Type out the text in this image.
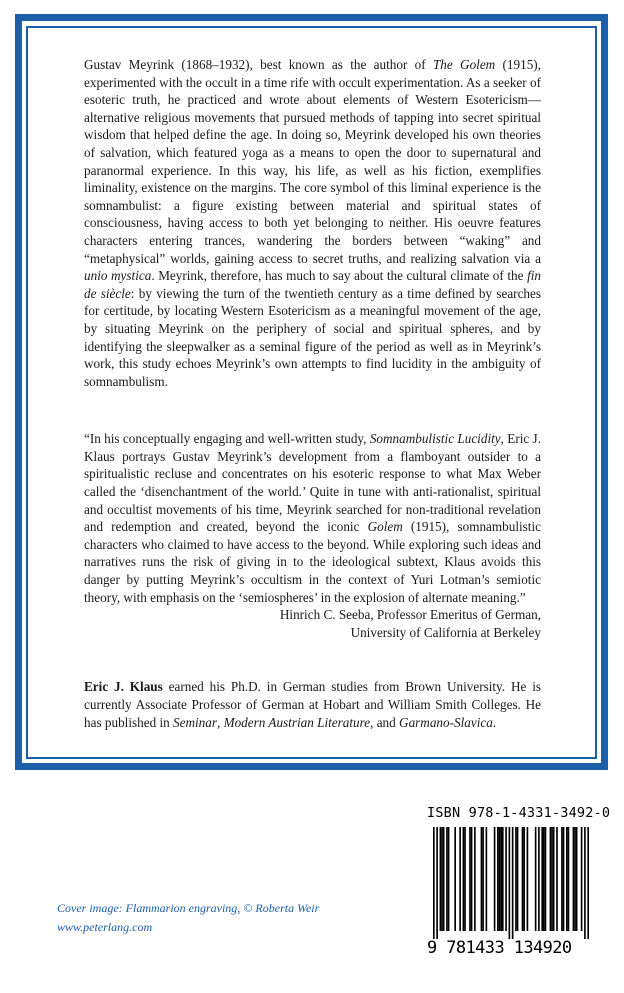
Gustav Meyrink (1868–1932), best known as the author of The Golem (1915), experimented with the occult in a time rife with occult experimentation. As a seeker of esoteric truth, he practiced and wrote about elements of Western Esotericism—alternative religious movements that pursued methods of tapping into secret spiritual wisdom that helped define the age. In doing so, Meyrink developed his own theories of salvation, which featured yoga as a means to open the door to supernatural and paranormal experience. In this way, his life, as well as his fiction, exemplifies liminality, existence on the margins. The core symbol of this liminal experience is the somnambulist: a figure existing between material and spiritual states of consciousness, having access to both yet belonging to neither. His oeuvre features characters entering trances, wandering the borders between “waking” and “metaphysical” worlds, gaining access to secret truths, and realizing salvation via a unio mystica. Meyrink, therefore, has much to say about the cultural climate of the fin de siècle: by viewing the turn of the twentieth century as a time defined by searches for certitude, by locating Western Esotericism as a meaningful movement of the age, by situating Meyrink on the periphery of social and spiritual spheres, and by identifying the sleepwalker as a seminal figure of the period as well as in Meyrink’s work, this study echoes Meyrink’s own attempts to find lucidity in the ambiguity of somnambulism.

“In his conceptually engaging and well-written study, Somnambulistic Lucidity, Eric J. Klaus portrays Gustav Meyrink’s development from a flamboyant outsider to a spiritualistic recluse and concentrates on his esoteric response to what Max Weber called the ‘disenchantment of the world.’ Quite in tune with anti-rationalist, spiritual and occultist movements of his time, Meyrink searched for non-traditional revelation and redemption and created, beyond the iconic Golem (1915), somnambulistic characters who claimed to have access to the beyond. While exploring such ideas and narratives runs the risk of giving in to the ideological subtext, Klaus avoids this danger by putting Meyrink’s occultism in the context of Yuri Lotman’s semiotic theory, with emphasis on the ‘semiospheres’ in the explosion of alternate meaning.”

Hinrich C. Seeba, Professor Emeritus of German,
University of California at Berkeley

Eric J. Klaus earned his Ph.D. in German studies from Brown University. He is currently Associate Professor of German at Hobart and William Smith Colleges. He has published in Seminar, Modern Austrian Literature, and Garmano-Slavica.

Cover image: Flammarion engraving, © Roberta Weir
www.peterlang.com
ISBN 978-1-4331-3492-0
9 781433 134920
